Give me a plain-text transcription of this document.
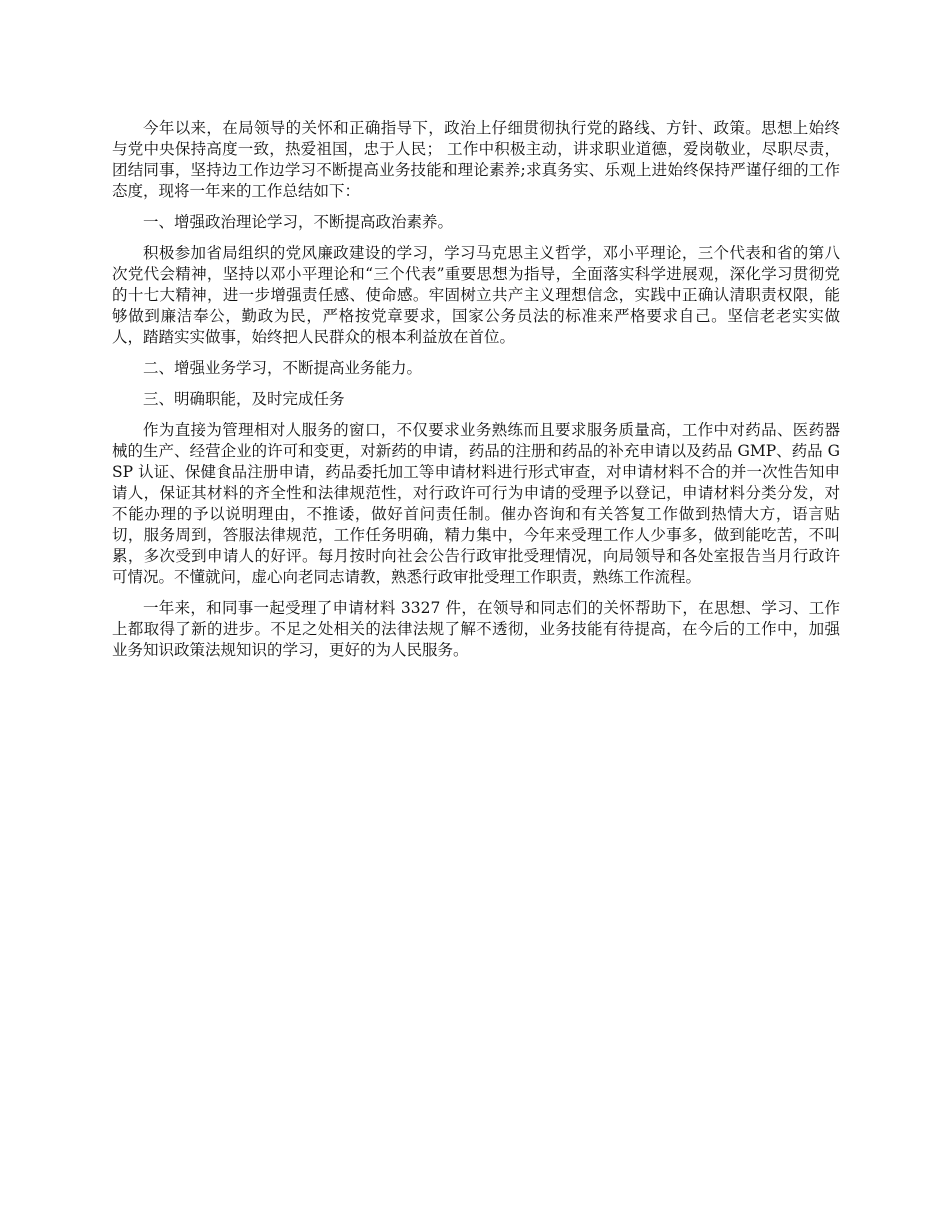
今年以来，在局领导的关怀和正确指导下，政治上仔细贯彻执行党的路线、方针、政策。思想上始终与党中央保持高度一致，热爱祖国，忠于人民； 工作中积极主动，讲求职业道德，爱岗敬业，尽职尽责，团结同事，坚持边工作边学习不断提高业务技能和理论素养;求真务实、乐观上进始终保持严谨仔细的工作态度，现将一年来的工作总结如下：

一、增强政治理论学习，不断提高政治素养。

积极参加省局组织的党风廉政建设的学习，学习马克思主义哲学，邓小平理论，三个代表和省的第八次党代会精神，坚持以邓小平理论和“三个代表”重要思想为指导，全面落实科学进展观，深化学习贯彻党的十七大精神，进一步增强责任感、使命感。牢固树立共产主义理想信念，实践中正确认清职责权限，能够做到廉洁奉公，勤政为民，严格按党章要求，国家公务员法的标准来严格要求自己。坚信老老实实做人，踏踏实实做事，始终把人民群众的根本利益放在首位。

二、增强业务学习，不断提高业务能力。

三、明确职能，及时完成任务

作为直接为管理相对人服务的窗口，不仅要求业务熟练而且要求服务质量高，工作中对药品、医药器械的生产、经营企业的许可和变更，对新药的申请，药品的注册和药品的补充申请以及药品 GMP、药品 GSP 认证、保健食品注册申请，药品委托加工等申请材料进行形式审查，对申请材料不合的并一次性告知申请人，保证其材料的齐全性和法律规范性，对行政许可行为申请的受理予以登记，申请材料分类分发，对不能办理的予以说明理由，不推诿，做好首问责任制。催办咨询和有关答复工作做到热情大方，语言贴切，服务周到，答服法律规范，工作任务明确，精力集中，今年来受理工作人少事多，做到能吃苦，不叫累，多次受到申请人的好评。每月按时向社会公告行政审批受理情况，向局领导和各处室报告当月行政许可情况。不懂就问，虚心向老同志请教，熟悉行政审批受理工作职责，熟练工作流程。

一年来，和同事一起受理了申请材料 3327 件，在领导和同志们的关怀帮助下，在思想、学习、工作上都取得了新的进步。不足之处相关的法律法规了解不透彻，业务技能有待提高，在今后的工作中，加强业务知识政策法规知识的学习，更好的为人民服务。
